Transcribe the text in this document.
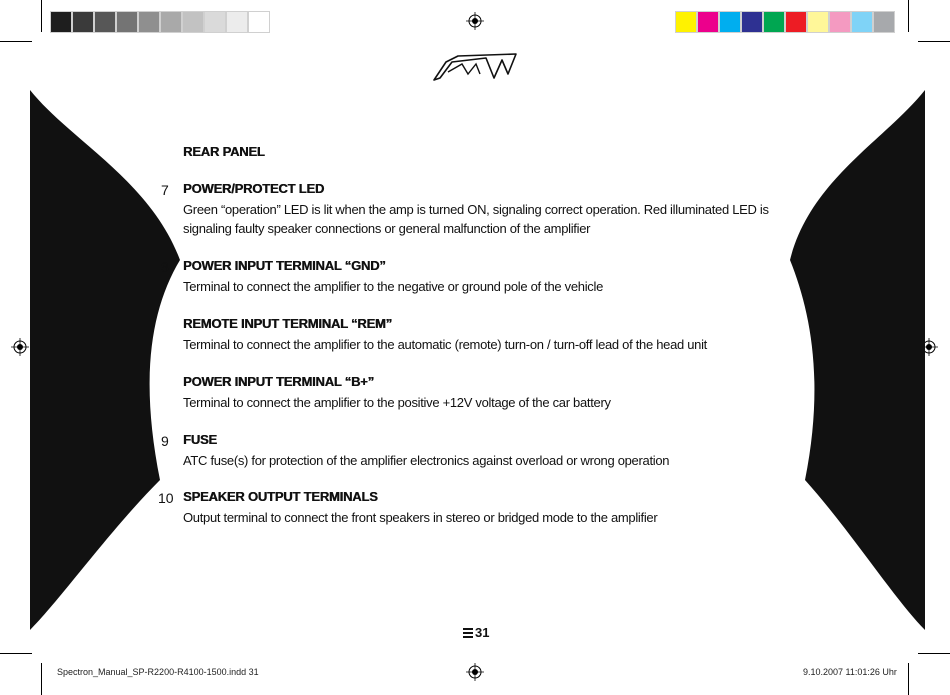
REAR PANEL
7 POWER/PROTECT LED
Green “operation” LED is lit when the amp is turned ON, signaling correct operation. Red illuminated LED is
signaling faulty speaker connections or general malfunction of the amplifier
8 POWER INPUT TERMINAL “GND”
Terminal to connect the amplifier to the negative or ground pole of the vehicle
REMOTE INPUT TERMINAL “REM”
Terminal to connect the amplifier to the automatic (remote) turn-on / turn-off lead of the head unit
POWER INPUT TERMINAL “B+”
Terminal to connect the amplifier to the positive +12V voltage of the car battery
9 FUSE
ATC fuse(s) for protection of the amplifier electronics against overload or wrong operation
10 SPEAKER OUTPUT TERMINALS
Output terminal to connect the front speakers in stereo or bridged mode to the amplifier
31
Spectron_Manual_SP-R2200-R4100-1500.indd 31	9.10.2007 11:01:26 Uhr
